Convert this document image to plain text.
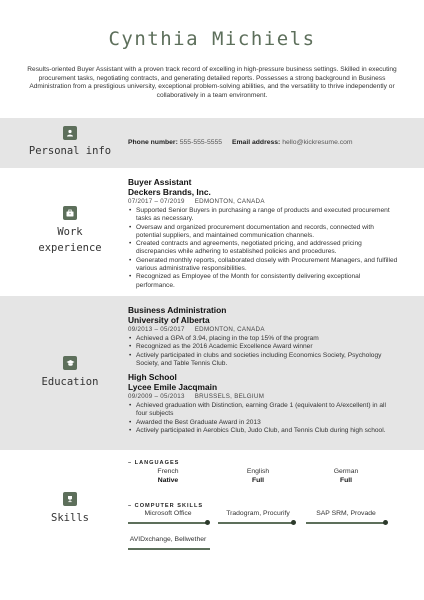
Cynthia Michiels
Results-oriented Buyer Assistant with a proven track record of excelling in high-pressure business settings. Skilled in executing procurement tasks, negotiating contracts, and generating detailed reports. Possesses a strong background in Business Administration from a prestigious university, exceptional problem-solving abilities, and the versatility to thrive independently or collaboratively in a team environment.
Personal info
Phone number: 555-555-5555 Email address: hello@kickresume.com
Work
experience
Buyer Assistant
Deckers Brands, Inc.
07/2017 – 07/2019 EDMONTON, CANADA
• Supported Senior Buyers in purchasing a range of products and executed procurement tasks as necessary.
• Oversaw and organized procurement documentation and records, connected with potential suppliers, and maintained communication channels.
• Created contracts and agreements, negotiated pricing, and addressed pricing discrepancies while adhering to established policies and procedures.
• Generated monthly reports, collaborated closely with Procurement Managers, and fulfilled various administrative responsibilities.
• Recognized as Employee of the Month for consistently delivering exceptional performance.
Education
Business Administration
University of Alberta
09/2013 – 05/2017 EDMONTON, CANADA
• Achieved a GPA of 3.94, placing in the top 15% of the program
• Recognized as the 2016 Academic Excellence Award winner
• Actively participated in clubs and societies including Economics Society, Psychology Society, and Table Tennis Club.
High School
Lycee Emile Jacqmain
09/2009 – 05/2013 BRUSSELS, BELGIUM
• Achieved graduation with Distinction, earning Grade 1 (equivalent to A/excellent) in all four subjects
• Awarded the Best Graduate Award in 2013
• Actively participated in Aerobics Club, Judo Club, and Tennis Club during high school.
Skills
– LANGUAGES
French
Native
English
Full
German
Full
– COMPUTER SKILLS
Microsoft Office	Tradogram, Procurify	SAP SRM, Provade
AVIDxchange, Bellwether
